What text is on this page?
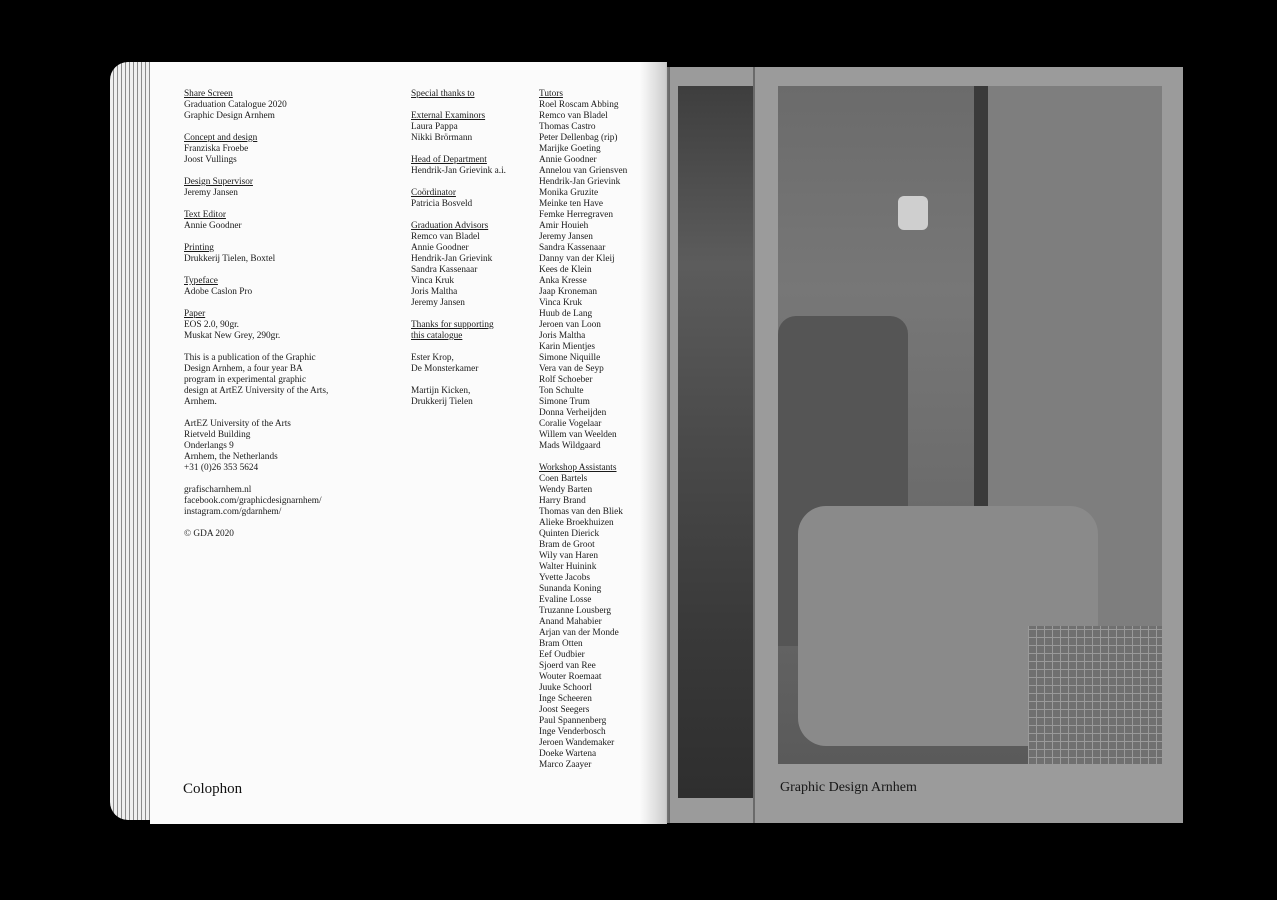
Share Screen
Graduation Catalogue 2020
Graphic Design Arnhem
Concept and design
Franziska Froebe
Joost Vullings
Design Supervisor
Jeremy Jansen
Text Editor
Annie Goodner
Printing
Drukkerij Tielen, Boxtel
Typeface
Adobe Caslon Pro
Paper
EOS 2.0, 90gr.
Muskat New Grey, 290gr.
This is a publication of the Graphic
Design Arnhem, a four year BA
program in experimental graphic
design at ArtEZ University of the Arts,
Arnhem.
ArtEZ University of the Arts
Rietveld Building
Onderlangs 9
Arnhem, the Netherlands
+31 (0)26 353 5624
grafischarnhem.nl
facebook.com/graphicdesignarnhem/
instagram.com/gdarnhem/
© GDA 2020
Special thanks to
External Examinors
Laura Pappa
Nikki Brörmann
Head of Department
Hendrik-Jan Grievink a.i.
Coördinator
Patricia Bosveld
Graduation Advisors
Remco van Bladel
Annie Goodner
Hendrik-Jan Grievink
Sandra Kassenaar
Vinca Kruk
Joris Maltha
Jeremy Jansen
Thanks for supporting
this catalogue
Ester Krop,
De Monsterkamer
Martijn Kicken,
Drukkerij Tielen
Tutors
Roel Roscam Abbing
Remco van Bladel
Thomas Castro
Peter Dellenbag (rip)
Marijke Goeting
Annie Goodner
Annelou van Griensven
Hendrik-Jan Grievink
Monika Gruzite
Meinke ten Have
Femke Herregraven
Amir Houieh
Jeremy Jansen
Sandra Kassenaar
Danny van der Kleij
Kees de Klein
Anka Kresse
Jaap Kroneman
Vinca Kruk
Huub de Lang
Jeroen van Loon
Joris Maltha
Karin Mientjes
Simone Niquille
Vera van de Seyp
Rolf Schoeber
Ton Schulte
Simone Trum
Donna Verheijden
Coralie Vogelaar
Willem van Weelden
Mads Wildgaard
Workshop Assistants
Coen Bartels
Wendy Barten
Harry Brand
Thomas van den Bliek
Alieke Broekhuizen
Quinten Dierick
Bram de Groot
Wily van Haren
Walter Huinink
Yvette Jacobs
Sunanda Koning
Evaline Losse
Truzanne Lousberg
Anand Mahabier
Arjan van der Monde
Bram Otten
Eef Oudbier
Sjoerd van Ree
Wouter Roemaat
Juuke Schoorl
Inge Scheeren
Joost Seegers
Paul Spannenberg
Inge Venderbosch
Jeroen Wandemaker
Doeke Wartena
Marco Zaayer
Colophon	Graphic Design Arnhem
